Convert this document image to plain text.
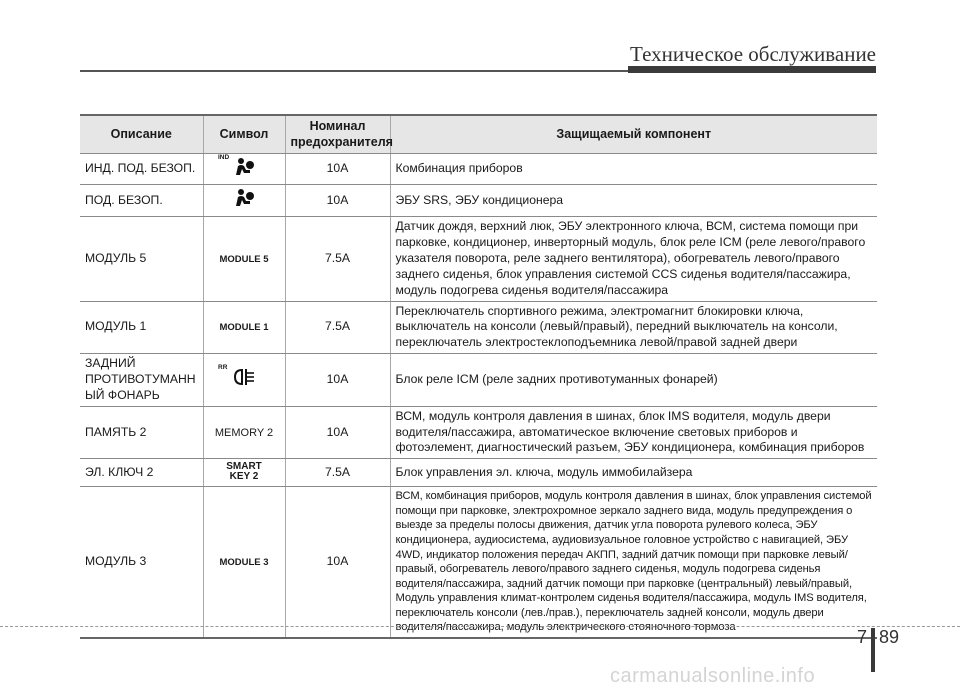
Техническое обслуживание
Описание	Символ	Номинал предохранителя	Защищаемый компонент
ИНД. ПОД. БЕЗОП.	IND	10A	Комбинация приборов
ПОД. БЕЗОП.		10A	ЭБУ SRS, ЭБУ кондиционера
МОДУЛЬ 5	MODULE 5	7.5A	Датчик дождя, верхний люк, ЭБУ электронного ключа, ВСМ, система помощи при парковке, кондиционер, инверторный модуль, блок реле ICM (реле левого/правого указателя поворота, реле заднего вентилятора), обогреватель левого/правого заднего сиденья, блок управления системой CCS сиденья водителя/пассажира, модуль подогрева сиденья водителя/пассажира
МОДУЛЬ 1	MODULE 1	7.5A	Переключатель спортивного режима, электромагнит блокировки ключа, выключатель на консоли (левый/правый), передний выключатель на консоли, переключатель электростеклоподъемника левой/правой задней двери
ЗАДНИЙ ПРОТИВОТУМАНН ЫЙ ФОНАРЬ	RR	10A	Блок реле ICM (реле задних противотуманных фонарей)
ПАМЯТЬ 2	MEMORY 2	10A	ВСМ, модуль контроля давления в шинах, блок IMS водителя, модуль двери водителя/пассажира, автоматическое включение световых приборов и фотоэлемент, диагностический разъем, ЭБУ кондиционера, комбинация приборов
ЭЛ. КЛЮЧ 2	SMART KEY 2	7.5A	Блок управления эл. ключа, модуль иммобилайзера
МОДУЛЬ 3	MODULE 3	10A	ВСМ, комбинация приборов, модуль контроля давления в шинах, блок управления системой помощи при парковке, электрохромное зеркало заднего вида, модуль предупреждения о выезде за пределы полосы движения, датчик угла поворота рулевого колеса, ЭБУ кондиционера, аудиосистема, аудиовизуальное головное устройство с навигацией, ЭБУ 4WD, индикатор положения передач АКПП, задний датчик помощи при парковке левый/правый, обогреватель левого/правого заднего сиденья, модуль подогрева сиденья водителя/пассажира, задний датчик помощи при парковке (центральный) левый/правый, Модуль управления климат-контролем сиденья водителя/пассажира, модуль IMS водителя, переключатель консоли (лев./прав.), переключатель задней консоли, модуль двери водителя/пассажира, модуль электрического стояночного тормоза	7 89
carmanualsonline.info
